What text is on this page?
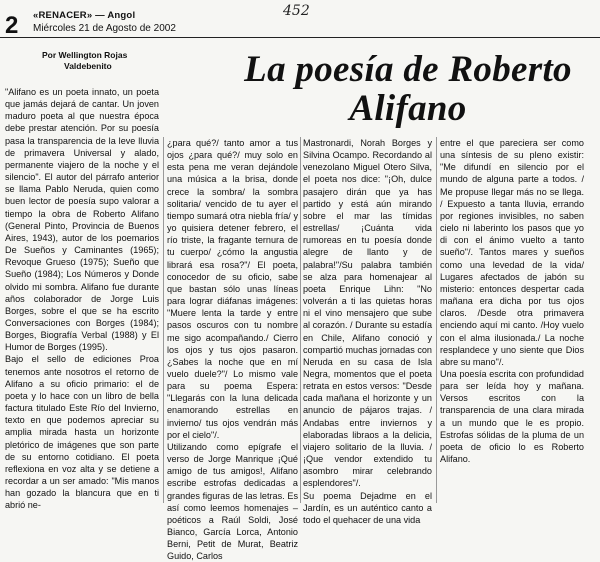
2 «RENACER» — Angol
Miércoles 21 de Agosto de 2002
452
Por Wellington Rojas
Valdebenito	La poesía de Roberto
Alifano

"Alifano es un poeta innato, un poeta que jamás dejará de cantar. Un joven maduro poeta al que nuestra época debe prestar atención. Por su poesía pasa la transparencia de la leve lluvia de primavera Universal y alado, permanente viajero de la noche y el silencio". El autor del párrafo anterior se llama Pablo Neruda, quien como buen lector de poesía supo valorar a tiempo la obra de Roberto Alifano (General Pinto, Provincia de Buenos Aires, 1943), autor de los poemarios De Sueños y Caminantes (1965); Revoque Grueso (1975); Sueño que Sueño (1984); Los Números y Donde olvido mi sombra. Alifano fue durante años colaborador de Jorge Luis Borges, sobre el que se ha escrito Conversaciones con Borges (1984); Borges, Biografía Verbal (1988) y El Humor de Borges (1995).

Bajo el sello de ediciones Proa tenemos ante nosotros el retorno de Alifano a su oficio primario: el de poeta y lo hace con un libro de bella factura titulado Este Río del Invierno, texto en que podemos apreciar su amplia mirada hasta un horizonte pletórico de imágenes que son parte de su entorno cotidiano. El poeta reflexiona en voz alta y se detiene a recordar a un ser amado: "Mis manos han gozado la blancura que en ti abrió ne-

¿para qué?/ tanto amor a tus ojos ¿para qué?/ muy solo en esta pena me veran dejándole una música a la brisa, donde crece la sombra/ la sombra solitaria/ vencido de tu ayer el tiempo sumará otra niebla fría/ y yo quisiera detener febrero, el río triste, la fragante ternura de tu cuerpo/ ¿cómo la angustia librará esa rosa?"/ El poeta, conocedor de su oficio, sabe que bastan sólo unas líneas para lograr diáfanas imágenes: "Muere lenta la tarde y entre pasos oscuros con tu nombre me sigo acompañando./ Cierro los ojos y tus ojos pasaron. ¿Sabes la noche que en mí vuelo duele?"/ Lo mismo vale para su poema Espera: "Llegarás con la luna delicada enamorando estrellas en invierno/ tus ojos vendrán más por el cielo"/.

Utilizando como epígrafe el verso de Jorge Manrique ¡Qué amigo de tus amigos!, Alifano escribe estrofas dedicadas a grandes figuras de las letras. Es así como leemos homenajes –poéticos a Raúl Soldi, José Bianco, García Lorca, Antonio Berni, Petit de Murat, Beatriz Guido, Carlos

Mastronardi, Norah Borges y Silvina Ocampo. Recordando al venezolano Miguel Otero Silva, el poeta nos dice: "¡Oh, dulce pasajero dirán que ya has partido y está aún mirando sobre el mar las tímidas estrellas/ ¡Cuánta vida rumoreas en tu poesía donde alegre de llanto y de palabra!"/Su palabra también se alza para homenajear al poeta Enrique Lihn: "No volverán a ti las quietas horas ni el vino mensajero que sube al corazón. / Durante su estadía en Chile, Alifano conoció y compartió muchas jornadas con Neruda en su casa de Isla Negra, momentos que el poeta retrata en estos versos: "Desde cada mañana el horizonte y un anuncio de pájaros trajas. / Andabas entre inviernos y elaboradas libraos a la delicia, viajero solitario de la lluvia. / ¡Que vendor extendido tu asombro mirar celebrando esplendores"/.

Su poema Dejadme en el Jardín, es un auténtico canto a todo el quehacer de una vida

entre el que pareciera ser como una síntesis de su pleno existir: "Me difundí en silencio por el mundo de alguna parte a todos. / Me propuse llegar más no se llega. / Expuesto a tanta lluvia, errando por regiones invisibles, no saben cielo ni laberinto los pasos que yo di con el ánimo vuelto a tanto sueño"/. Tantos mares y sueños como una levedad de la vida/ Lugares afectados de jabón su misterio: entonces despertar cada mañana era dicha por tus ojos claros. /Desde otra primavera enciendo aquí mi canto. /Hoy vuelo con el alma ilusionada./ La noche resplandece y uno siente que Dios abre su mano"/.

Una poesía escrita con profundidad para ser leída hoy y mañana. Versos escritos con la transparencia de una clara mirada a un mundo que le es propio. Estrofas sólidas de la pluma de un poeta de oficio lo es Roberto Alifano.
